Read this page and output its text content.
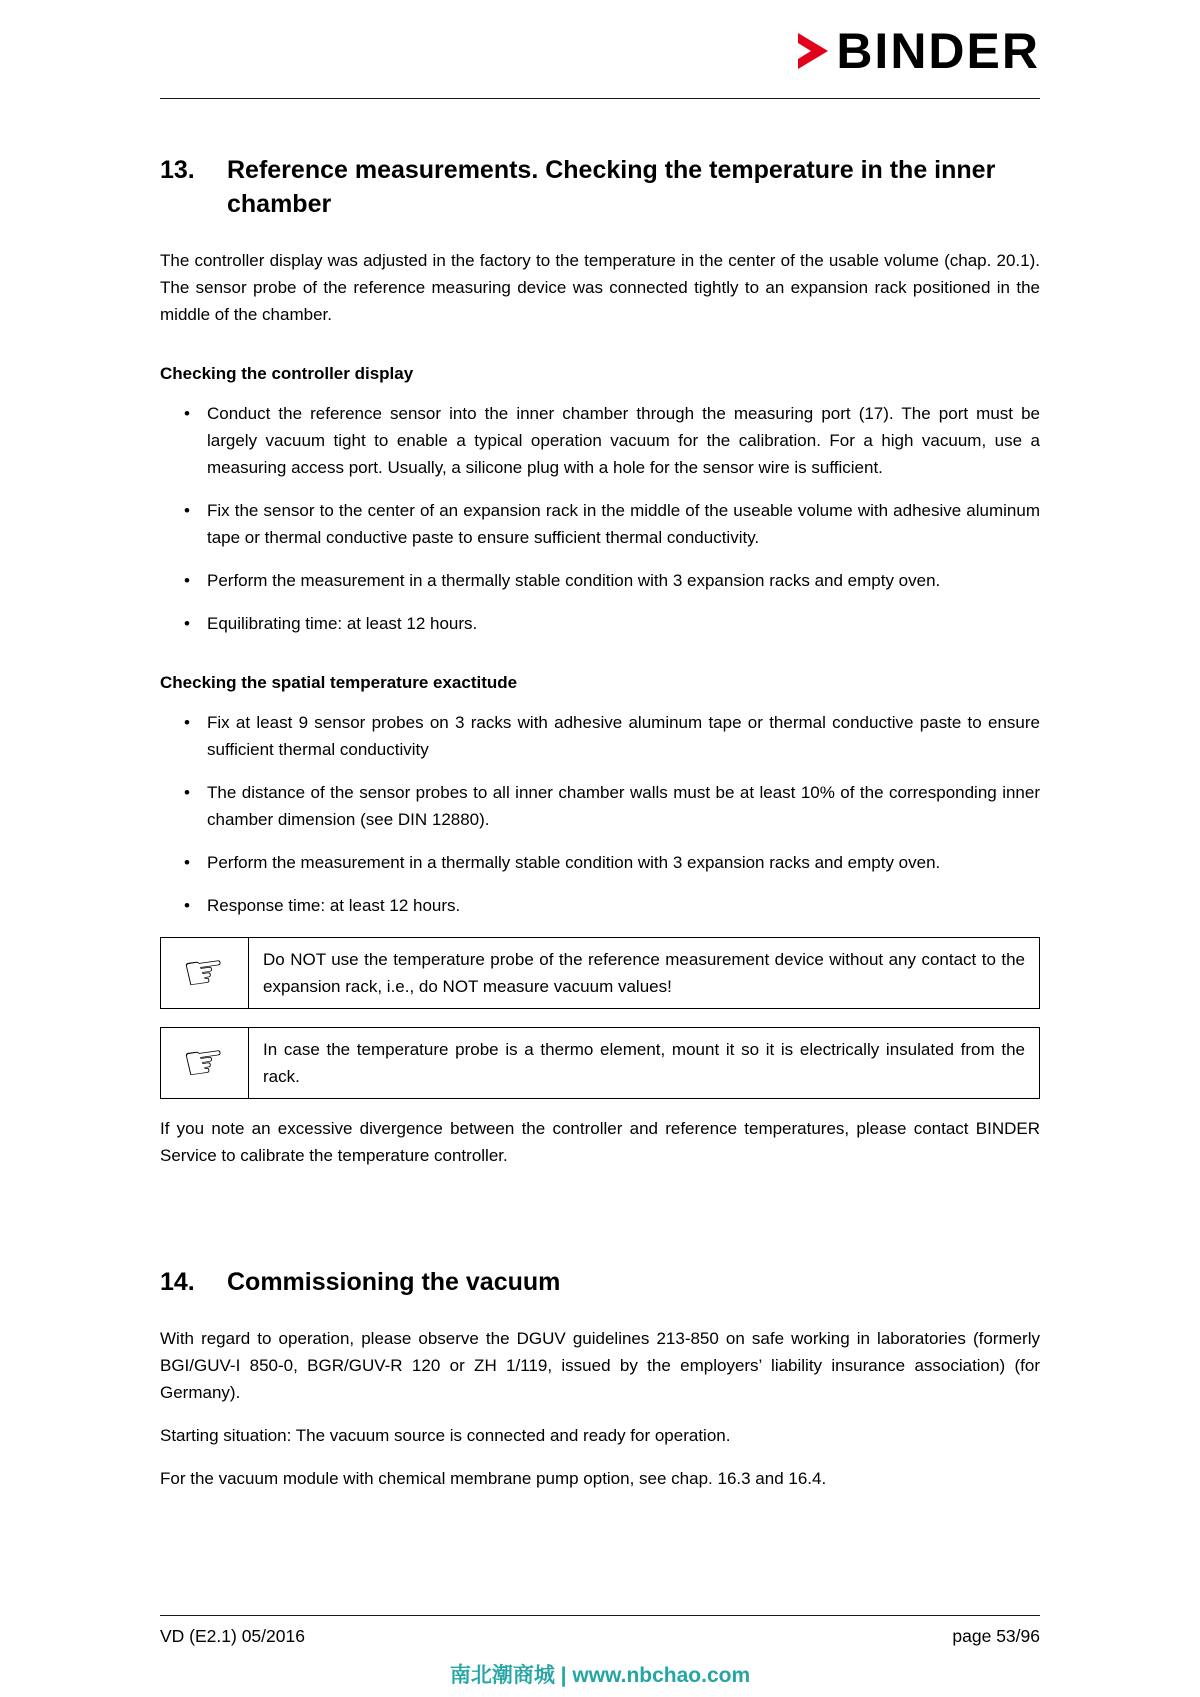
BINDER
13.	Reference measurements. Checking the temperature in the inner chamber

The controller display was adjusted in the factory to the temperature in the center of the usable volume (chap. 20.1). The sensor probe of the reference measuring device was connected tightly to an expansion rack positioned in the middle of the chamber.

Checking the controller display
• Conduct the reference sensor into the inner chamber through the measuring port (17). The port must be largely vacuum tight to enable a typical operation vacuum for the calibration. For a high vacuum, use a measuring access port. Usually, a silicone plug with a hole for the sensor wire is sufficient.
• Fix the sensor to the center of an expansion rack in the middle of the useable volume with adhesive aluminum tape or thermal conductive paste to ensure sufficient thermal conductivity.
• Perform the measurement in a thermally stable condition with 3 expansion racks and empty oven.
• Equilibrating time: at least 12 hours.
Checking the spatial temperature exactitude
• Fix at least 9 sensor probes on 3 racks with adhesive aluminum tape or thermal conductive paste to ensure sufficient thermal conductivity
• The distance of the sensor probes to all inner chamber walls must be at least 10% of the corresponding inner chamber dimension (see DIN 12880).
• Perform the measurement in a thermally stable condition with 3 expansion racks and empty oven.
• Response time: at least 12 hours.
☞	Do NOT use the temperature probe of the reference measurement device without any contact to the expansion rack, i.e., do NOT measure vacuum values!
☞	In case the temperature probe is a thermo element, mount it so it is electrically insulated from the rack.

If you note an excessive divergence between the controller and reference temperatures, please contact BINDER Service to calibrate the temperature controller.

14.	Commissioning the vacuum

With regard to operation, please observe the DGUV guidelines 213-850 on safe working in laboratories (formerly BGI/GUV-I 850-0, BGR/GUV-R 120 or ZH 1/119, issued by the employers’ liability insurance association) (for Germany).

Starting situation: The vacuum source is connected and ready for operation.

For the vacuum module with chemical membrane pump option, see chap. 16.3 and 16.4.

VD (E2.1) 05/2016	page 53/96
南北潮商城 | www.nbchao.com
